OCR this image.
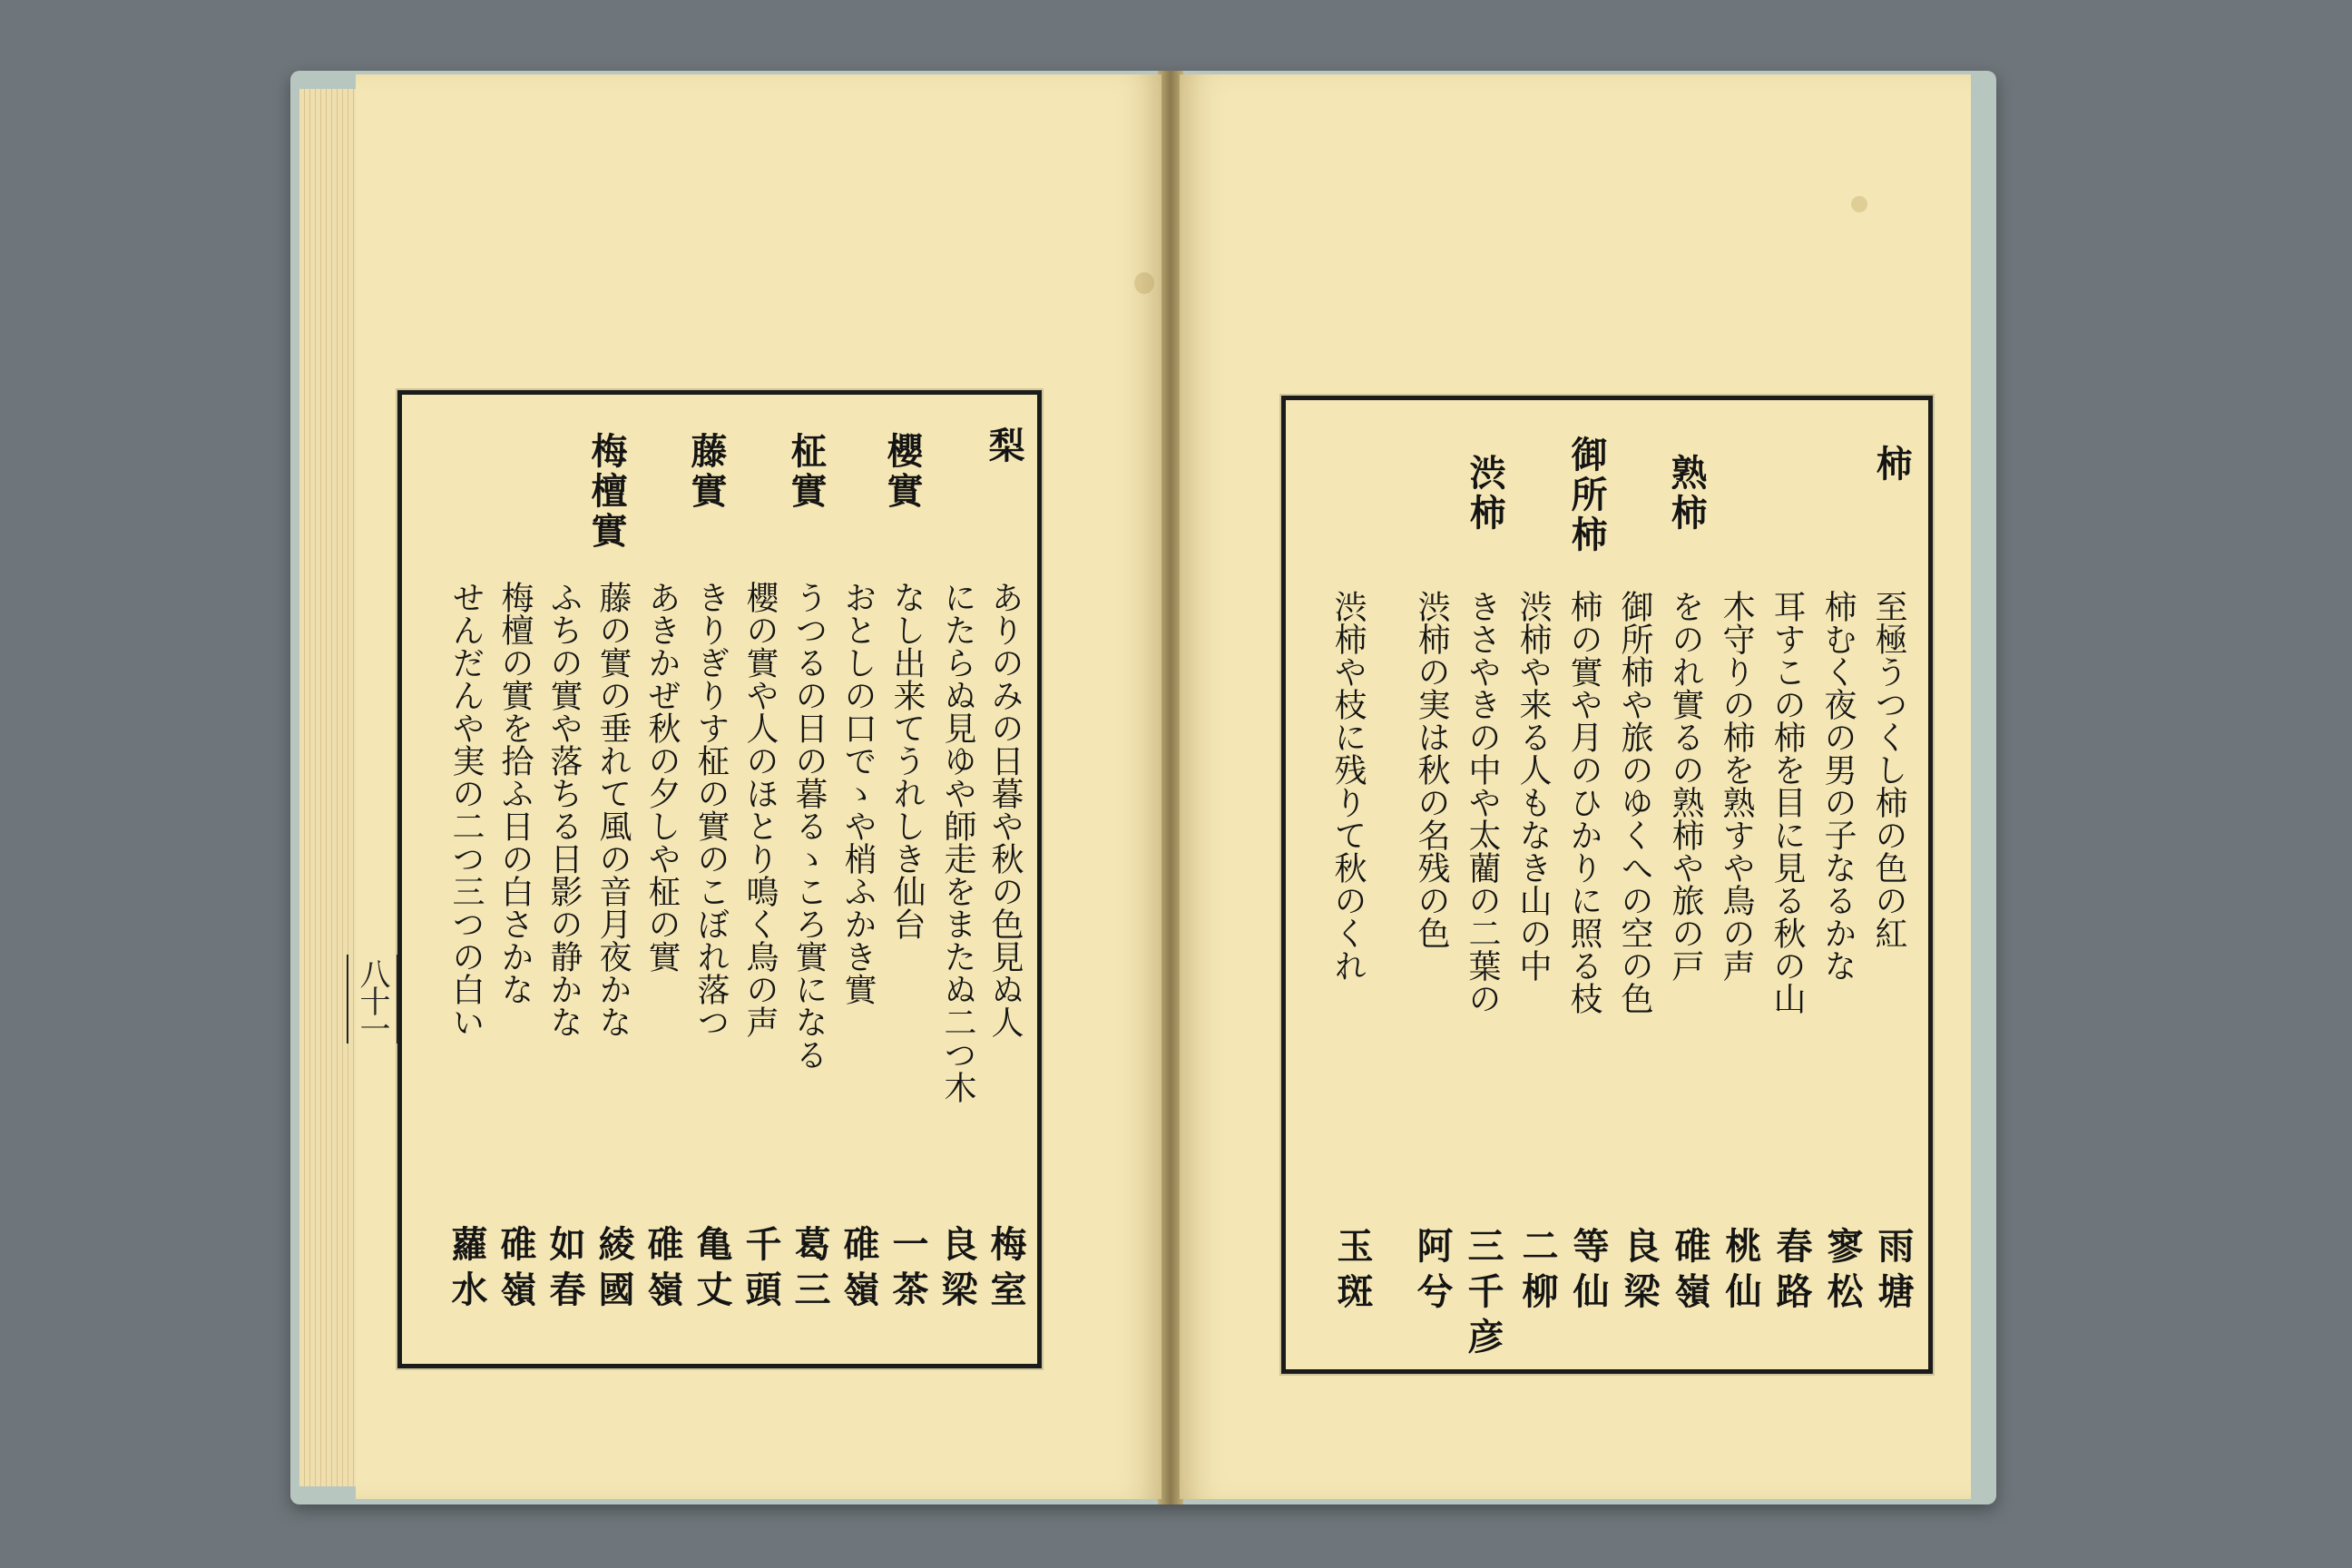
八十一
梨
櫻實
柾實
藤實
梅檀實
ありのみの日暮や秋の色見ぬ人
にたらぬ見ゆや師走をまたぬ二つ木
なし出来てうれしき仙台
おとしの口でゝや梢ふかき實
うつるの日の暮るゝころ實になる
櫻の實や人のほとり鳴く鳥の声
きりぎりす柾の實のこぼれ落つ
あきかぜ秋の夕しや柾の實
藤の實の垂れて風の音月夜かな
ふちの實や落ちる日影の静かな
梅檀の實を拾ふ日の白さかな
せんだんや実の二つ三つの白い
梅室
良梁
一茶
碓嶺
葛三
千頭
亀丈
碓嶺
綾國
如春
碓嶺
蘿水
柿
熟柿
御所柿
渋柿
至極うつくし柿の色の紅
柿むく夜の男の子なるかな
耳すこの柿を目に見る秋の山
木守りの柿を熟すや鳥の声
をのれ實るの熟柿や旅の戸
御所柿や旅のゆくへの空の色
柿の實や月のひかりに照る枝
渋柿や来る人もなき山の中
きさやきの中や太藺の二葉の
渋柿の実は秋の名残の色
渋柿や枝に残りて秋のくれ
雨塘
寥松
春路
桃仙
碓嶺
良梁
等仙
二柳
三千彦
阿兮
玉斑
